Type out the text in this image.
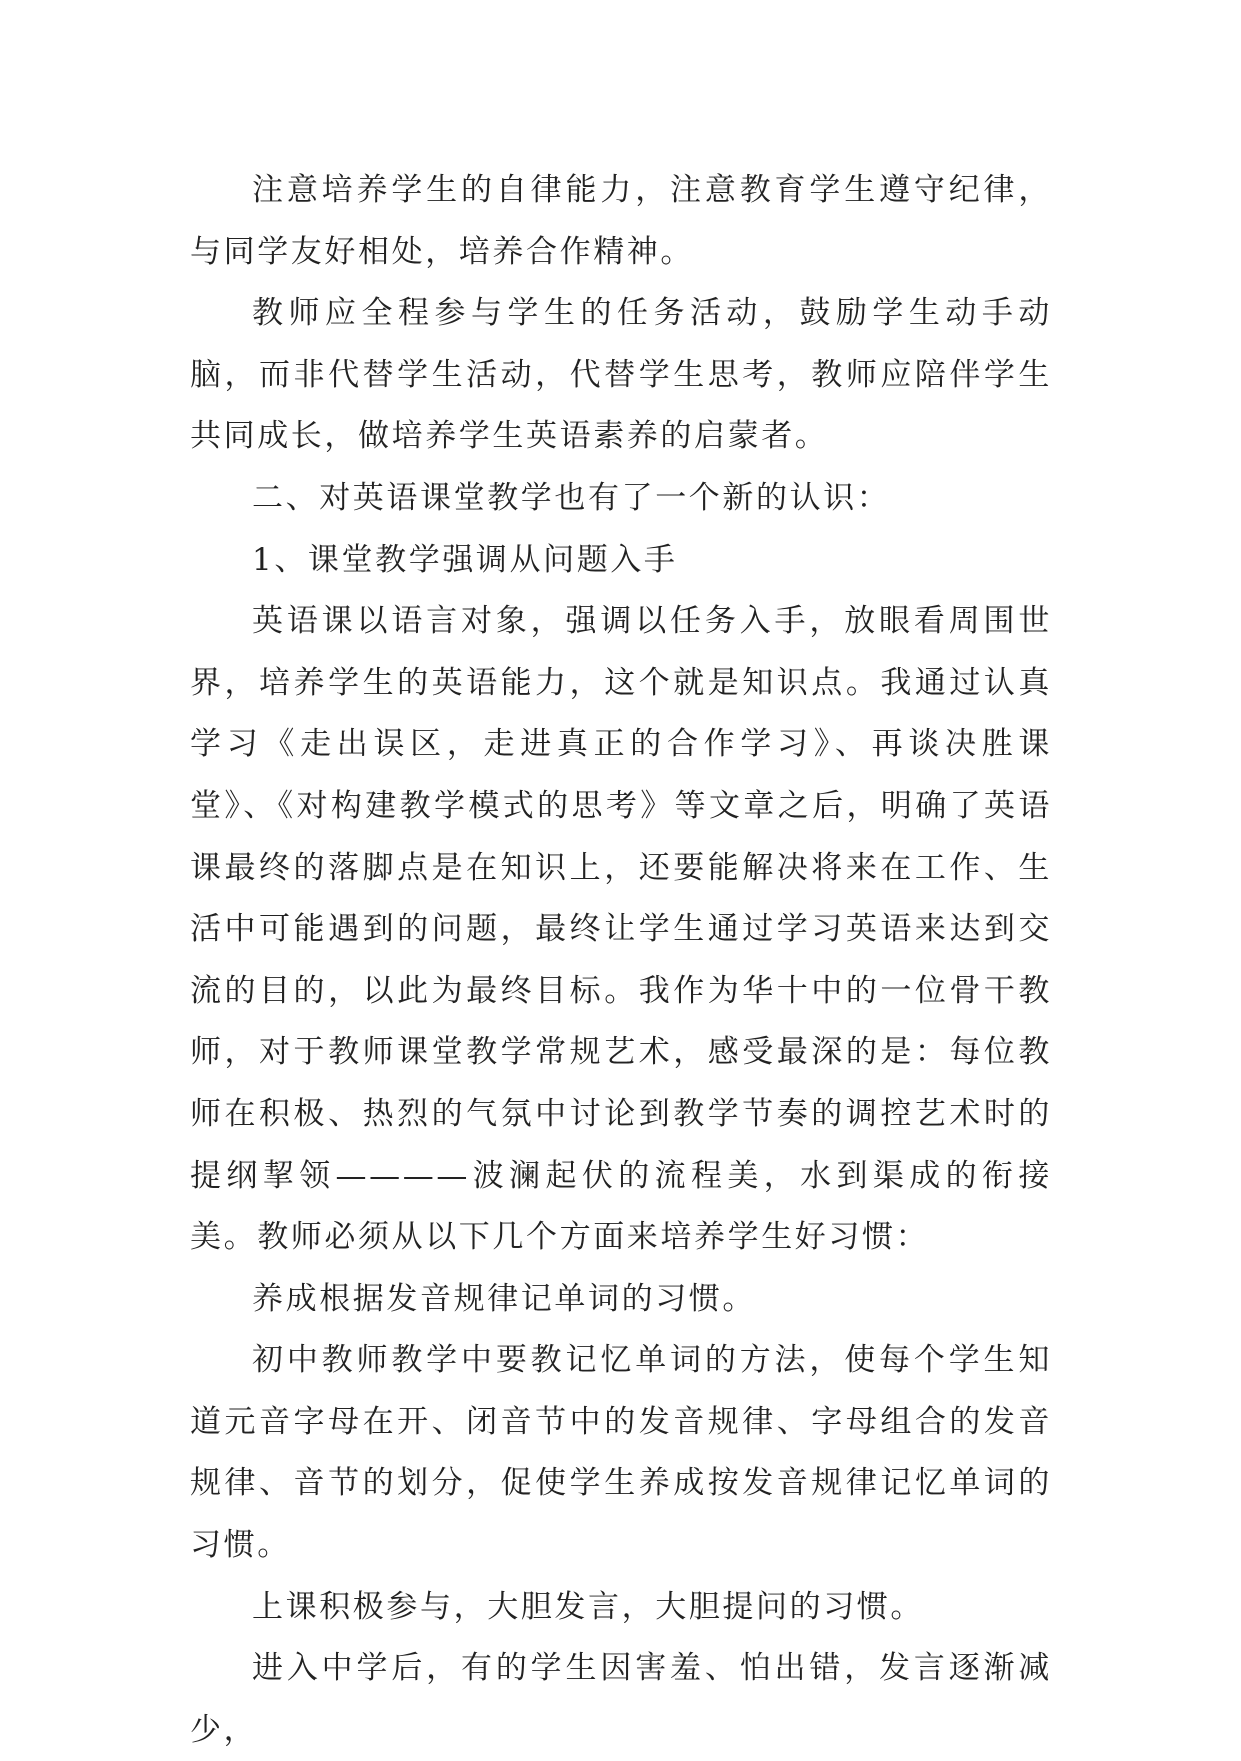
注意培养学生的自律能力，注意教育学生遵守纪律，与同学友好相处，培养合作精神。

教师应全程参与学生的任务活动，鼓励学生动手动脑，而非代替学生活动，代替学生思考，教师应陪伴学生共同成长，做培养学生英语素养的启蒙者。

二、对英语课堂教学也有了一个新的认识：

1、课堂教学强调从问题入手

英语课以语言对象，强调以任务入手，放眼看周围世界，培养学生的英语能力，这个就是知识点。我通过认真学习《走出误区，走进真正的合作学习》、再谈决胜课堂》、《对构建教学模式的思考》等文章之后，明确了英语课最终的落脚点是在知识上，还要能解决将来在工作、生活中可能遇到的问题，最终让学生通过学习英语来达到交流的目的，以此为最终目标。我作为华十中的一位骨干教师，对于教师课堂教学常规艺术，感受最深的是：每位教师在积极、热烈的气氛中讨论到教学节奏的调控艺术时的提纲挈领————波澜起伏的流程美，水到渠成的衔接美。教师必须从以下几个方面来培养学生好习惯：

养成根据发音规律记单词的习惯。

初中教师教学中要教记忆单词的方法，使每个学生知道元音字母在开、闭音节中的发音规律、字母组合的发音规律、音节的划分，促使学生养成按发音规律记忆单词的习惯。

上课积极参与，大胆发言，大胆提问的习惯。

进入中学后，有的学生因害羞、怕出错，发言逐渐减少，
